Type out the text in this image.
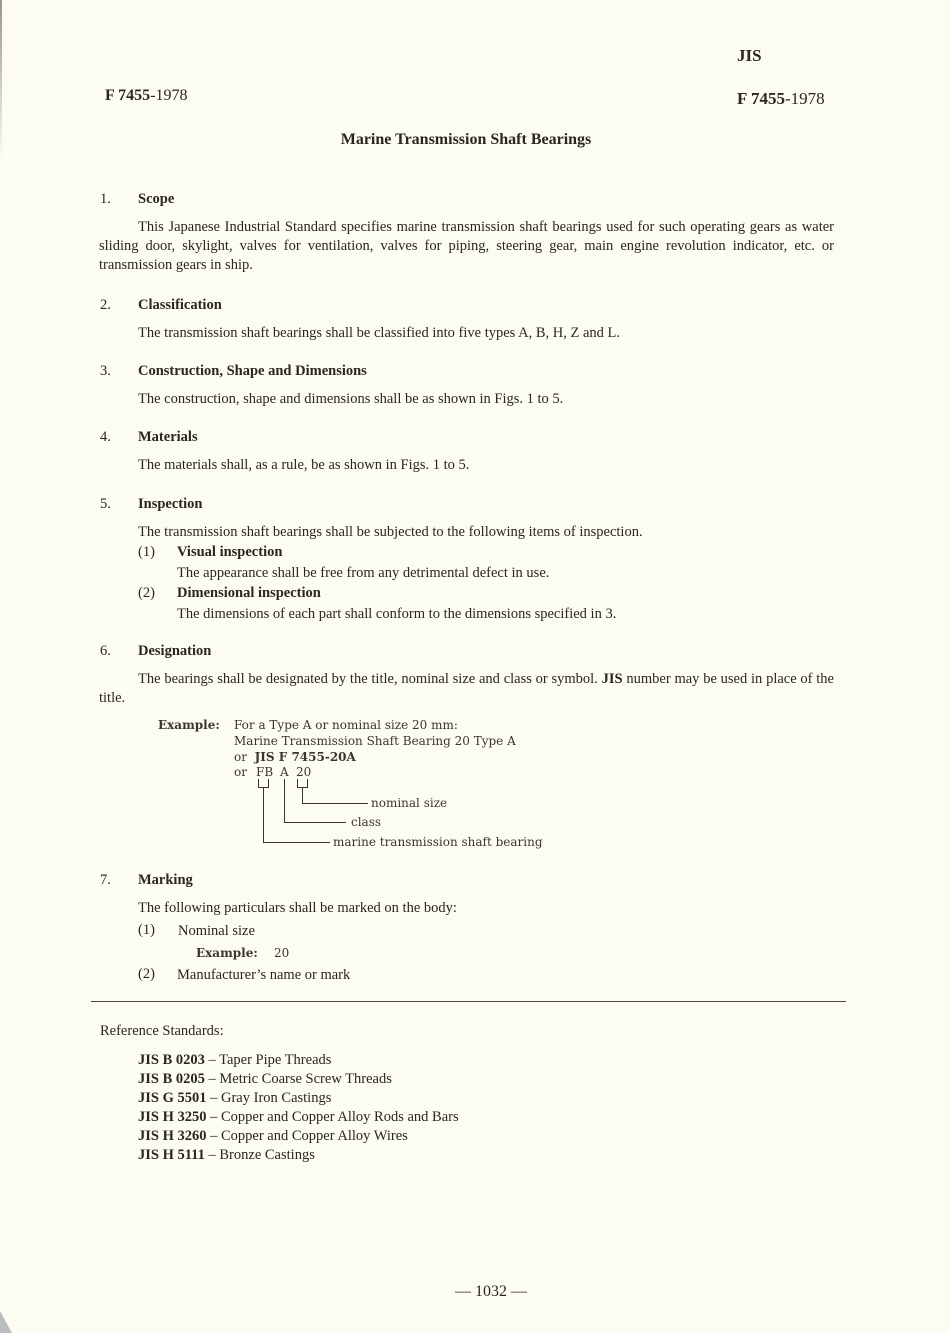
JIS
F 7455-1978	F 7455-1978
Marine Transmission Shaft Bearings
1. Scope
This Japanese Industrial Standard specifies marine transmission shaft bearings used for such operating gears as water sliding door, skylight, valves for ventilation, valves for piping, steering gear, main engine revolution indicator, etc. or transmission gears in ship.
2. Classification
The transmission shaft bearings shall be classified into five types A, B, H, Z and L.
3. Construction, Shape and Dimensions
The construction, shape and dimensions shall be as shown in Figs. 1 to 5.
4. Materials
The materials shall, as a rule, be as shown in Figs. 1 to 5.
5. Inspection
The transmission shaft bearings shall be subjected to the following items of inspection.
(1) Visual inspection
The appearance shall be free from any detrimental defect in use.
(2) Dimensional inspection
The dimensions of each part shall conform to the dimensions specified in 3.
6. Designation
The bearings shall be designated by the title, nominal size and class or symbol. JIS number may be used in place of the title.
Example: For a Type A or nominal size 20 mm:
Marine Transmission Shaft Bearing 20 Type A
or JIS F 7455-20A
or FB A 20
nominal size
class
marine transmission shaft bearing
7. Marking
The following particulars shall be marked on the body:
(1) Nominal size
Example: 20
(2) Manufacturer’s name or mark
Reference Standards:
JIS B 0203 – Taper Pipe Threads
JIS B 0205 – Metric Coarse Screw Threads
JIS G 5501 – Gray Iron Castings
JIS H 3250 – Copper and Copper Alloy Rods and Bars
JIS H 3260 – Copper and Copper Alloy Wires
JIS H 5111 – Bronze Castings
— 1032 —
